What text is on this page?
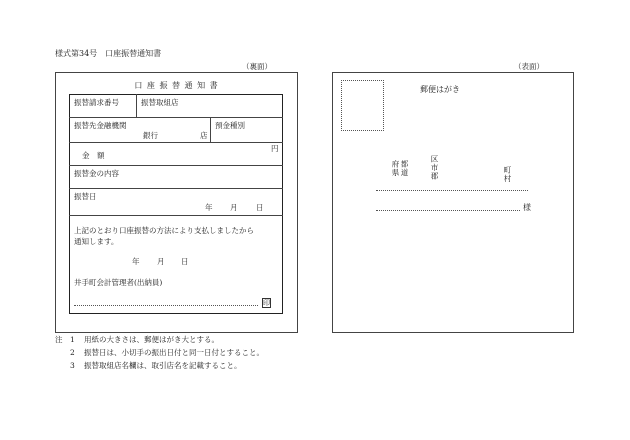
様式第34号　口座振替通知書
（裏面）
口 座 振 替 通 知 書
振替請求番号	振替取組店
振替先金融機関
銀行	店
預金種別
金　額
円
振替金の内容
振替日
年 月 日
上記のとおり口座振替の方法により支払しましたから
通知します。
年 月 日
井手町会計管理者(出納員)
印
（表面）
郵便はがき
都道府県	区市郡	町村
様
注 1 用紙の大きさは、郵便はがき大とする。
2 振替日は、小切手の振出日付と同一日付とすること。
3 振替取組店名欄は、取引店名を記載すること。
